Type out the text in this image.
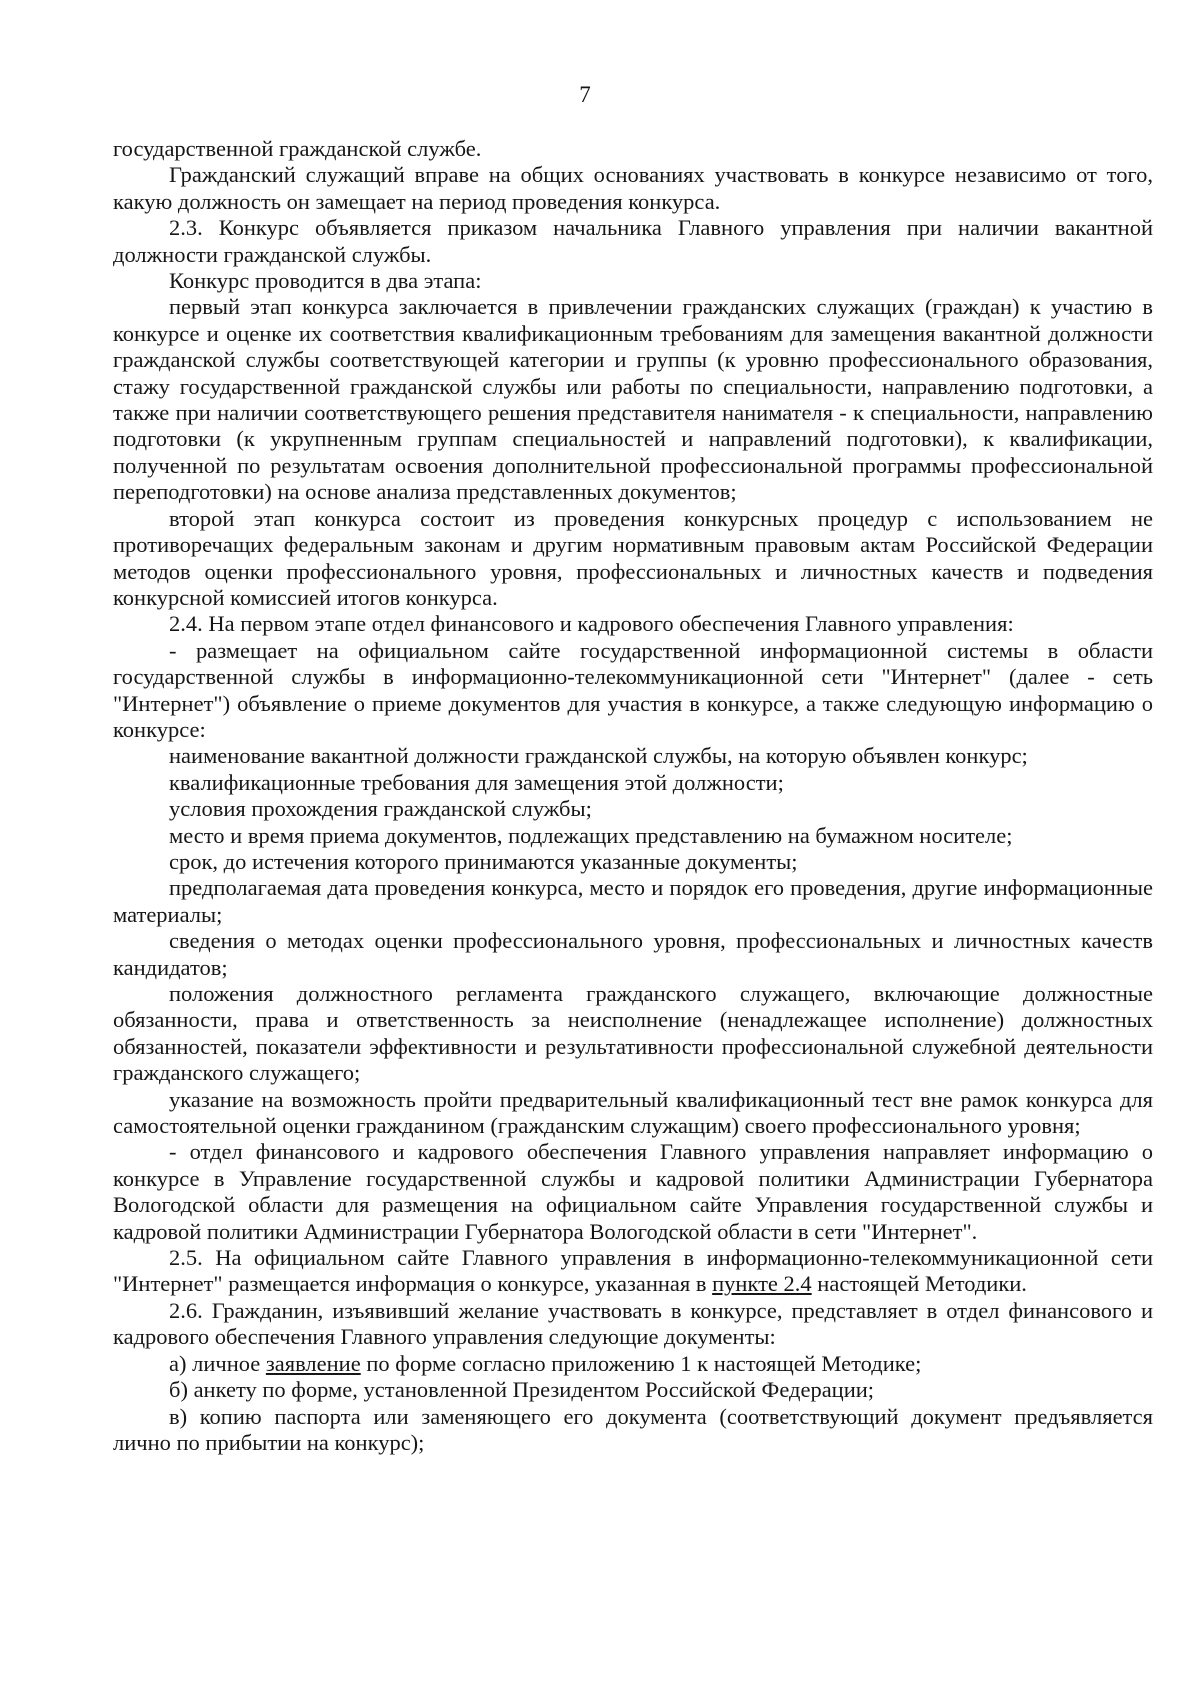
7

государственной гражданской службе.

Гражданский служащий вправе на общих основаниях участвовать в конкурсе независимо от того, какую должность он замещает на период проведения конкурса.

2.3. Конкурс объявляется приказом начальника Главного управления при наличии вакантной должности гражданской службы.

Конкурс проводится в два этапа:

первый этап конкурса заключается в привлечении гражданских служащих (граждан) к участию в конкурсе и оценке их соответствия квалификационным требованиям для замещения вакантной должности гражданской службы соответствующей категории и группы (к уровню профессионального образования, стажу государственной гражданской службы или работы по специальности, направлению подготовки, а также при наличии соответствующего решения представителя нанимателя - к специальности, направлению подготовки (к укрупненным группам специальностей и направлений подготовки), к квалификации, полученной по результатам освоения дополнительной профессиональной программы профессиональной переподготовки) на основе анализа представленных документов;

второй этап конкурса состоит из проведения конкурсных процедур с использованием не противоречащих федеральным законам и другим нормативным правовым актам Российской Федерации методов оценки профессионального уровня, профессиональных и личностных качеств и подведения конкурсной комиссией итогов конкурса.

2.4. На первом этапе отдел финансового и кадрового обеспечения Главного управления:

- размещает на официальном сайте государственной информационной системы в области государственной службы в информационно-телекоммуникационной сети "Интернет" (далее - сеть "Интернет") объявление о приеме документов для участия в конкурсе, а также следующую информацию о конкурсе:

наименование вакантной должности гражданской службы, на которую объявлен конкурс;

квалификационные требования для замещения этой должности;

условия прохождения гражданской службы;

место и время приема документов, подлежащих представлению на бумажном носителе;

срок, до истечения которого принимаются указанные документы;

предполагаемая дата проведения конкурса, место и порядок его проведения, другие информационные материалы;

сведения о методах оценки профессионального уровня, профессиональных и личностных качеств кандидатов;

положения должностного регламента гражданского служащего, включающие должностные обязанности, права и ответственность за неисполнение (ненадлежащее исполнение) должностных обязанностей, показатели эффективности и результативности профессиональной служебной деятельности гражданского служащего;

указание на возможность пройти предварительный квалификационный тест вне рамок конкурса для самостоятельной оценки гражданином (гражданским служащим) своего профессионального уровня;

- отдел финансового и кадрового обеспечения Главного управления направляет информацию о конкурсе в Управление государственной службы и кадровой политики Администрации Губернатора Вологодской области для размещения на официальном сайте Управления государственной службы и кадровой политики Администрации Губернатора Вологодской области в сети "Интернет".

2.5. На официальном сайте Главного управления в информационно-телекоммуникационной сети "Интернет" размещается информация о конкурсе, указанная в пункте 2.4 настоящей Методики.

2.6. Гражданин, изъявивший желание участвовать в конкурсе, представляет в отдел финансового и кадрового обеспечения Главного управления следующие документы:

а) личное заявление по форме согласно приложению 1 к настоящей Методике;

б) анкету по форме, установленной Президентом Российской Федерации;

в) копию паспорта или заменяющего его документа (соответствующий документ предъявляется лично по прибытии на конкурс);
